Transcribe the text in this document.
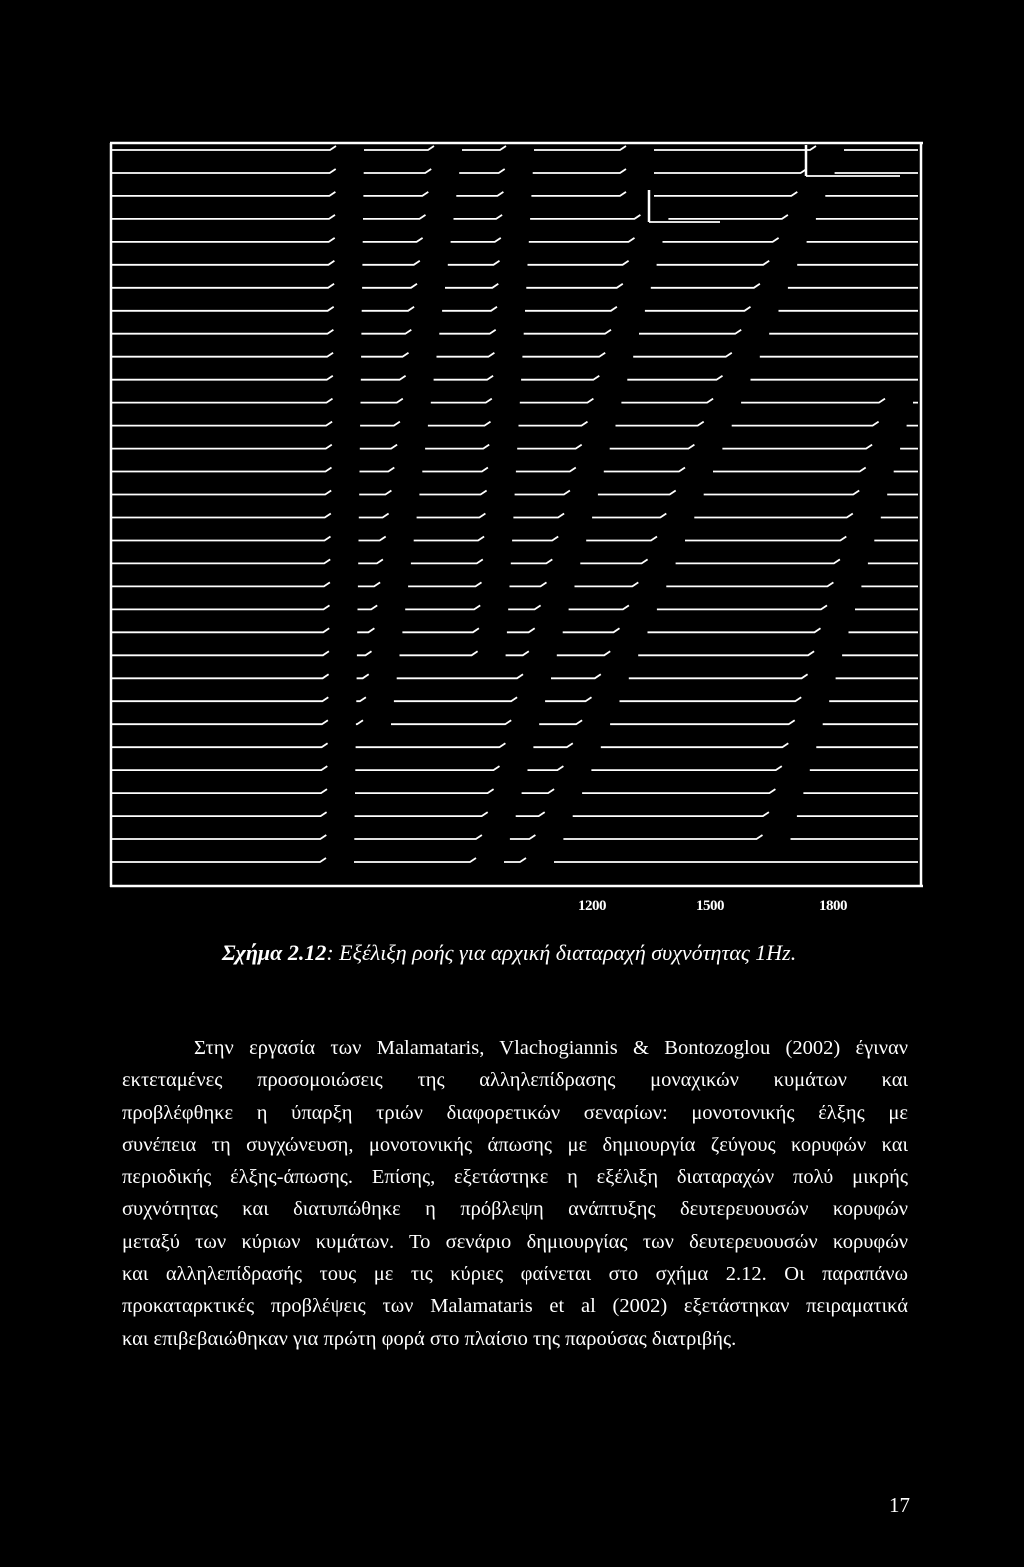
1200	1500	1800
Σχήμα 2.12: Εξέλιξη ροής για αρχική διαταραχή συχνότητας 1Hz.
Στην εργασία των Malamataris, Vlachogiannis & Bontozoglou (2002) έγιναν
εκτεταμένες προσομοιώσεις της αλληλεπίδρασης μοναχικών κυμάτων και
προβλέφθηκε η ύπαρξη τριών διαφορετικών σεναρίων: μονοτονικής έλξης με
συνέπεια τη συγχώνευση, μονοτονικής άπωσης με δημιουργία ζεύγους κορυφών και
περιοδικής έλξης-άπωσης. Επίσης, εξετάστηκε η εξέλιξη διαταραχών πολύ μικρής
συχνότητας και διατυπώθηκε η πρόβλεψη ανάπτυξης δευτερευουσών κορυφών
μεταξύ των κύριων κυμάτων. Το σενάριο δημιουργίας των δευτερευουσών κορυφών
και αλληλεπίδρασής τους με τις κύριες φαίνεται στο σχήμα 2.12. Οι παραπάνω
προκαταρκτικές προβλέψεις των Malamataris et al (2002) εξετάστηκαν πειραματικά
και επιβεβαιώθηκαν για πρώτη φορά στο πλαίσιο της παρούσας διατριβής.
17
